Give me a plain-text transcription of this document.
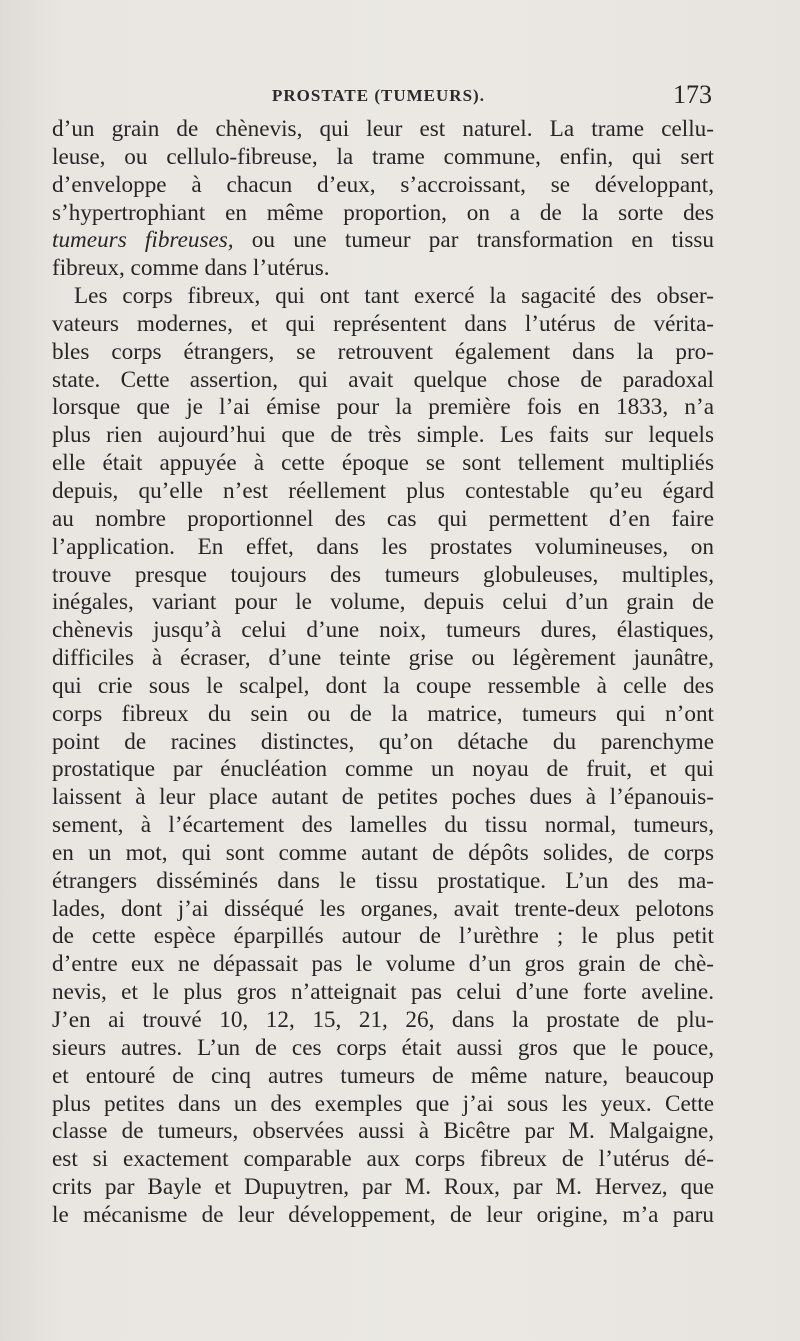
PROSTATE (TUMEURS).	173
d’un grain de chènevis, qui leur est naturel. La trame cellu-
leuse, ou cellulo-fibreuse, la trame commune, enfin, qui sert
d’enveloppe à chacun d’eux, s’accroissant, se développant,
s’hypertrophiant en même proportion, on a de la sorte des
tumeurs fibreuses, ou une tumeur par transformation en tissu
fibreux, comme dans l’utérus.
Les corps fibreux, qui ont tant exercé la sagacité des obser-
vateurs modernes, et qui représentent dans l’utérus de vérita-
bles corps étrangers, se retrouvent également dans la pro-
state. Cette assertion, qui avait quelque chose de paradoxal
lorsque que je l’ai émise pour la première fois en 1833, n’a
plus rien aujourd’hui que de très simple. Les faits sur lequels
elle était appuyée à cette époque se sont tellement multipliés
depuis, qu’elle n’est réellement plus contestable qu’eu égard
au nombre proportionnel des cas qui permettent d’en faire
l’application. En effet, dans les prostates volumineuses, on
trouve presque toujours des tumeurs globuleuses, multiples,
inégales, variant pour le volume, depuis celui d’un grain de
chènevis jusqu’à celui d’une noix, tumeurs dures, élastiques,
difficiles à écraser, d’une teinte grise ou légèrement jaunâtre,
qui crie sous le scalpel, dont la coupe ressemble à celle des
corps fibreux du sein ou de la matrice, tumeurs qui n’ont
point de racines distinctes, qu’on détache du parenchyme
prostatique par énucléation comme un noyau de fruit, et qui
laissent à leur place autant de petites poches dues à l’épanouis-
sement, à l’écartement des lamelles du tissu normal, tumeurs,
en un mot, qui sont comme autant de dépôts solides, de corps
étrangers disséminés dans le tissu prostatique. L’un des ma-
lades, dont j’ai disséqué les organes, avait trente-deux pelotons
de cette espèce éparpillés autour de l’urèthre ; le plus petit
d’entre eux ne dépassait pas le volume d’un gros grain de chè-
nevis, et le plus gros n’atteignait pas celui d’une forte aveline.
J’en ai trouvé 10, 12, 15, 21, 26, dans la prostate de plu-
sieurs autres. L’un de ces corps était aussi gros que le pouce,
et entouré de cinq autres tumeurs de même nature, beaucoup
plus petites dans un des exemples que j’ai sous les yeux. Cette
classe de tumeurs, observées aussi à Bicêtre par M. Malgaigne,
est si exactement comparable aux corps fibreux de l’utérus dé-
crits par Bayle et Dupuytren, par M. Roux, par M. Hervez, que
le mécanisme de leur développement, de leur origine, m’a paru
